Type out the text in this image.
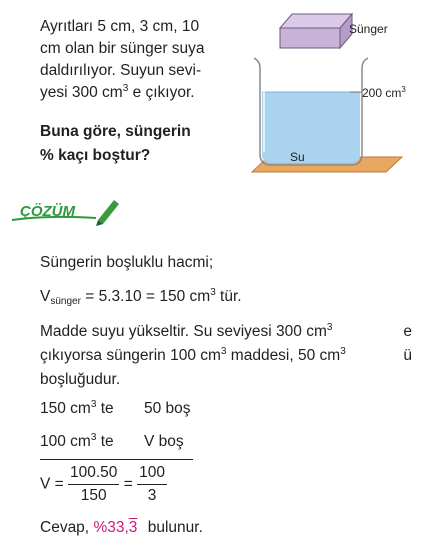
Ayrıtları 5 cm, 3 cm, 10
cm olan bir sünger suya
daldırılıyor. Suyun sevi-
yesi 300 $cm^3$ e çıkıyor.
Buna göre, süngerin
% kaçı boştur?
Sünger
200 $cm^3$
Su
ÇÖZÜM
Süngerin boşluklu hacmi;
$V_{sünger} = 5.3.10 = 150$ $cm^3$ tür.
Madde suyu yükseltir. Su seviyesi 300 $cm^3$	e
çıkıyorsa süngerin 100 $cm^3$ maddesi, 50 $cm^3$	ü
boşluğudur.
150 $cm^3$ te 50 boş
100 $cm^3$ te V boş
$V = \frac{100.50}{150} = \frac{100}{3}$
Cevap, %33,3 bulunur.
